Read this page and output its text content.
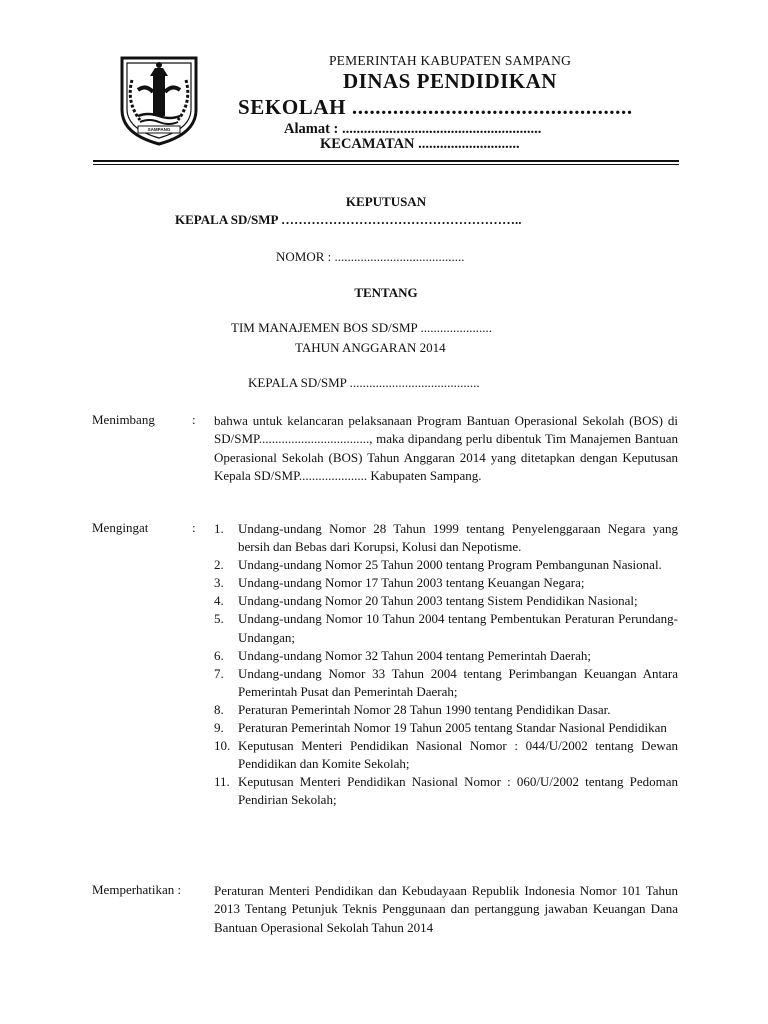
SAMPANG
PEMERINTAH KABUPATEN SAMPANG
DINAS PENDIDIKAN
SEKOLAH ................................................
Alamat : .......................................................
KECAMATAN ............................
KEPUTUSAN
KEPALA SD/SMP ………………………………………………..
NOMOR : ........................................
TENTANG
TIM MANAJEMEN BOS SD/SMP ......................
TAHUN ANGGARAN 2014
KEPALA SD/SMP ........................................
Menimbang	: bahwa untuk kelancaran pelaksanaan Program Bantuan Operasional Sekolah (BOS) di SD/SMP.................................., maka dipandang perlu dibentuk Tim Manajemen Bantuan Operasional Sekolah (BOS) Tahun Anggaran 2014 yang ditetapkan dengan Keputusan Kepala SD/SMP..................... Kabupaten Sampang.
Mengingat	: 1. Undang-undang Nomor 28 Tahun 1999 tentang Penyelenggaraan Negara yang bersih dan Bebas dari Korupsi, Kolusi dan Nepotisme.
2. Undang-undang Nomor 25 Tahun 2000 tentang Program Pembangunan Nasional.
3. Undang-undang Nomor 17 Tahun 2003 tentang Keuangan Negara;
4. Undang-undang Nomor 20 Tahun 2003 tentang Sistem Pendidikan Nasional;
5. Undang-undang Nomor 10 Tahun 2004 tentang Pembentukan Peraturan Perundang-Undangan;
6. Undang-undang Nomor 32 Tahun 2004 tentang Pemerintah Daerah;
7. Undang-undang Nomor 33 Tahun 2004 tentang Perimbangan Keuangan Antara Pemerintah Pusat dan Pemerintah Daerah;
8. Peraturan Pemerintah Nomor 28 Tahun 1990 tentang Pendidikan Dasar.
9. Peraturan Pemerintah Nomor 19 Tahun 2005 tentang Standar Nasional Pendidikan
10. Keputusan Menteri Pendidikan Nasional Nomor : 044/U/2002 tentang Dewan Pendidikan dan Komite Sekolah;
11. Keputusan Menteri Pendidikan Nasional Nomor : 060/U/2002 tentang Pedoman Pendirian Sekolah;
Memperhatikan :	Peraturan Menteri Pendidikan dan Kebudayaan Republik Indonesia Nomor 101 Tahun 2013 Tentang Petunjuk Teknis Penggunaan dan pertanggung jawaban Keuangan Dana Bantuan Operasional Sekolah Tahun 2014
